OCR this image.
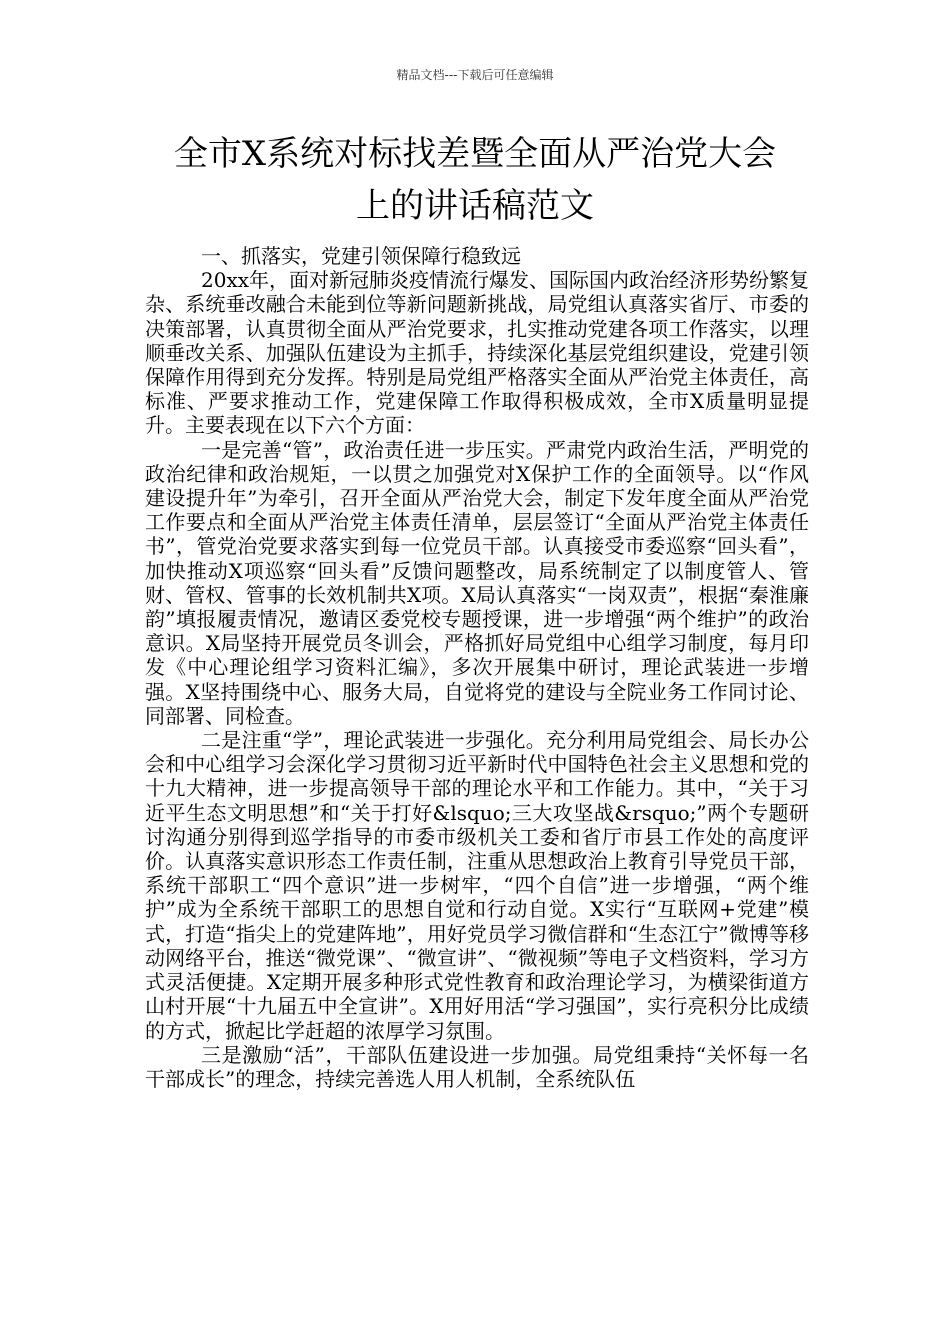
精品文档---下载后可任意编辑
全市X系统对标找差暨全面从严治党大会
上的讲话稿范文

一、抓落实，党建引领保障行稳致远

20xx年，面对新冠肺炎疫情流行爆发、国际国内政治经济形势纷繁复杂、系统垂改融合未能到位等新问题新挑战，局党组认真落实省厅、市委的决策部署，认真贯彻全面从严治党要求，扎实推动党建各项工作落实，以理顺垂改关系、加强队伍建设为主抓手，持续深化基层党组织建设，党建引领保障作用得到充分发挥。特别是局党组严格落实全面从严治党主体责任，高标准、严要求推动工作，党建保障工作取得积极成效，全市X质量明显提升。主要表现在以下六个方面：

一是完善“管”，政治责任进一步压实。严肃党内政治生活，严明党的政治纪律和政治规矩，一以贯之加强党对X保护工作的全面领导。以“作风建设提升年”为牵引，召开全面从严治党大会，制定下发年度全面从严治党工作要点和全面从严治党主体责任清单，层层签订“全面从严治党主体责任书”，管党治党要求落实到每一位党员干部。认真接受市委巡察“回头看”，加快推动X项巡察“回头看”反馈问题整改，局系统制定了以制度管人、管财、管权、管事的长效机制共X项。X局认真落实“一岗双责”，根据“秦淮廉韵”填报履责情况，邀请区委党校专题授课，进一步增强“两个维护”的政治意识。X局坚持开展党员冬训会，严格抓好局党组中心组学习制度，每月印发《中心理论组学习资料汇编》，多次开展集中研讨，理论武装进一步增强。X坚持围绕中心、服务大局，自觉将党的建设与全院业务工作同讨论、同部署、同检查。

二是注重“学”，理论武装进一步强化。充分利用局党组会、局长办公会和中心组学习会深化学习贯彻习近平新时代中国特色社会主义思想和党的十九大精神，进一步提高领导干部的理论水平和工作能力。其中，“关于习近平生态文明思想”和“关于打好&lsquo;三大攻坚战&rsquo;”两个专题研讨沟通分别得到巡学指导的市委市级机关工委和省厅市县工作处的高度评价。认真落实意识形态工作责任制，注重从思想政治上教育引导党员干部，系统干部职工“四个意识”进一步树牢，“四个自信”进一步增强，“两个维护”成为全系统干部职工的思想自觉和行动自觉。X实行“互联网+党建”模式，打造“指尖上的党建阵地”，用好党员学习微信群和“生态江宁”微博等移动网络平台，推送“微党课”、“微宣讲”、“微视频”等电子文档资料，学习方式灵活便捷。X定期开展多种形式党性教育和政治理论学习，为横梁街道方山村开展“十九届五中全宣讲”。X用好用活“学习强国”，实行亮积分比成绩的方式，掀起比学赶超的浓厚学习氛围。

三是激励“活”，干部队伍建设进一步加强。局党组秉持“关怀每一名干部成长”的理念，持续完善选人用人机制，全系统队伍
